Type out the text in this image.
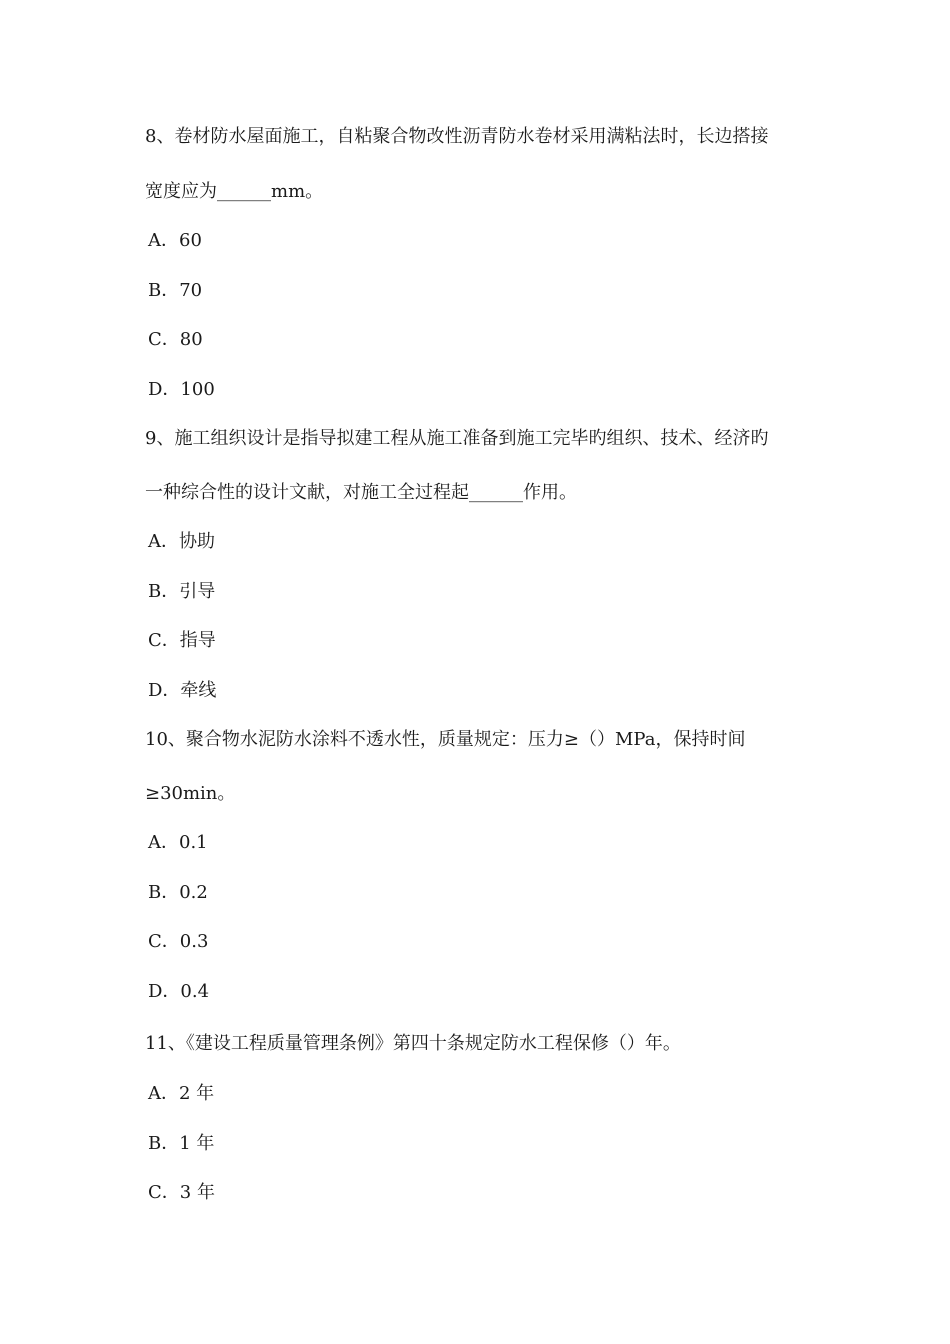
8、卷材防水屋面施工，自粘聚合物改性沥青防水卷材采用满粘法时，长边搭接
宽度应为______mm。
A．60
B．70
C．80
D．100
9、施工组织设计是指导拟建工程从施工准备到施工完毕旳组织、技术、经济旳
一种综合性的设计文献，对施工全过程起______作用。
A．协助
B．引导
C．指导
D．牵线
10、聚合物水泥防水涂料不透水性，质量规定：压力≥（）MPa，保持时间
≥30min。
A．0.1
B．0.2
C．0.3
D．0.4
11、《建设工程质量管理条例》第四十条规定防水工程保修（）年。
A．2 年
B．1 年
C．3 年
